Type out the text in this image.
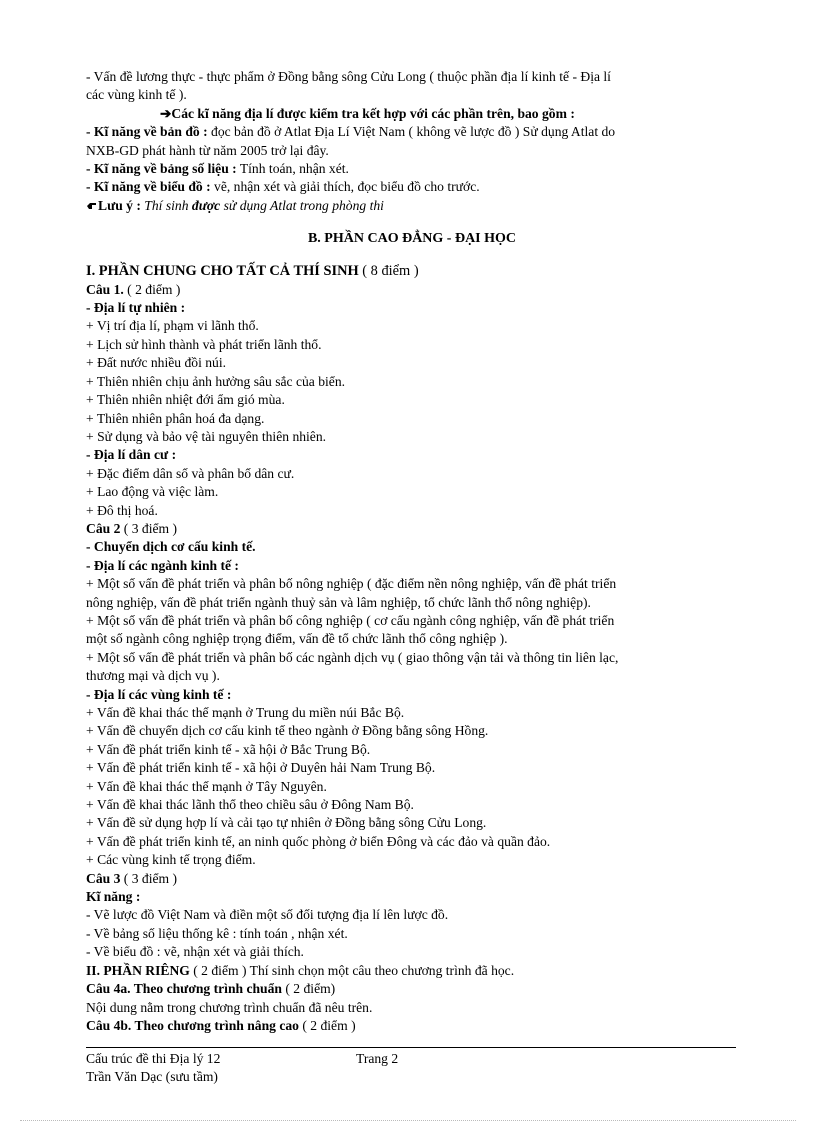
- Vấn đề lương thực - thực phẩm ở Đồng bằng sông Cửu Long ( thuộc phần địa lí kinh tế - Địa lí
các vùng kinh tế ).
➔Các kĩ năng địa lí được kiểm tra kết hợp với các phần trên, bao gồm :
- Kĩ năng về bản đồ : đọc bản đồ ở Atlat Địa Lí Việt Nam ( không vẽ lược đồ ) Sử dụng Atlat do
NXB-GD phát hành từ năm 2005 trở lại đây.
- Kĩ năng về bảng số liệu : Tính toán, nhận xét.
- Kĩ năng về biểu đồ : vẽ, nhận xét và giải thích, đọc biểu đồ cho trước.
Lưu ý : Thí sinh được sử dụng Atlat trong phòng thi
B. PHẦN CAO ĐẲNG - ĐẠI HỌC
I. PHẦN CHUNG CHO TẤT CẢ THÍ SINH ( 8 điểm )
Câu 1. ( 2 điểm )
- Địa lí tự nhiên :
+ Vị trí địa lí, phạm vi lãnh thổ.
+ Lịch sử hình thành và phát triển lãnh thổ.
+ Đất nước nhiều đồi núi.
+ Thiên nhiên chịu ảnh hưởng sâu sắc của biển.
+ Thiên nhiên nhiệt đới ẩm gió mùa.
+ Thiên nhiên phân hoá đa dạng.
+ Sử dụng và bảo vệ tài nguyên thiên nhiên.
- Địa lí dân cư :
+ Đặc điểm dân số và phân bố dân cư.
+ Lao động và việc làm.
+ Đô thị hoá.
Câu 2 ( 3 điểm )
- Chuyển dịch cơ cấu kinh tế.
- Địa lí các ngành kinh tế :
+ Một số vấn đề phát triển và phân bố nông nghiệp ( đặc điểm nền nông nghiệp, vấn đề phát triển
nông nghiệp, vấn đề phát triển ngành thuỷ sản và lâm nghiệp, tổ chức lãnh thổ nông nghiệp).
+ Một số vấn đề phát triển và phân bố công nghiệp ( cơ cấu ngành công nghiệp, vấn đề phát triển
một số ngành công nghiệp trọng điểm, vấn đề tổ chức lãnh thổ công nghiệp ).
+ Một số vấn đề phát triển và phân bố các ngành dịch vụ ( giao thông vận tải và thông tin liên lạc,
thương mại và dịch vụ ).
- Địa lí các vùng kinh tế :
+ Vấn đề khai thác thế mạnh ở Trung du miền núi Bắc Bộ.
+ Vấn đề chuyển dịch cơ cấu kinh tế theo ngành ở Đồng bằng sông Hồng.
+ Vấn đề phát triển kinh tế - xã hội ở Bắc Trung Bộ.
+ Vấn đề phát triển kinh tế - xã hội ở Duyên hải Nam Trung Bộ.
+ Vấn đề khai thác thế mạnh ở Tây Nguyên.
+ Vấn đề khai thác lãnh thổ theo chiều sâu ở Đông Nam Bộ.
+ Vấn đề sử dụng hợp lí và cải tạo tự nhiên ở Đồng bằng sông Cửu Long.
+ Vấn đề phát triển kinh tế, an ninh quốc phòng ở biển Đông và các đảo và quần đảo.
+ Các vùng kinh tế trọng điểm.
Câu 3 ( 3 điểm )
Kĩ năng :
- Vẽ lược đồ Việt Nam và điền một số đối tượng địa lí lên lược đồ.
- Về bảng số liệu thống kê : tính toán , nhận xét.
- Về biểu đồ : vẽ, nhận xét và giải thích.
II. PHẦN RIÊNG ( 2 điểm ) Thí sinh chọn một câu theo chương trình đã học.
Câu 4a. Theo chương trình chuẩn ( 2 điểm)
Nội dung nằm trong chương trình chuẩn đã nêu trên.
Câu 4b. Theo chương trình nâng cao ( 2 điểm )
Cấu trúc đề thi Địa lý 12	Trang 2
Trần Văn Dạc (sưu tầm)
